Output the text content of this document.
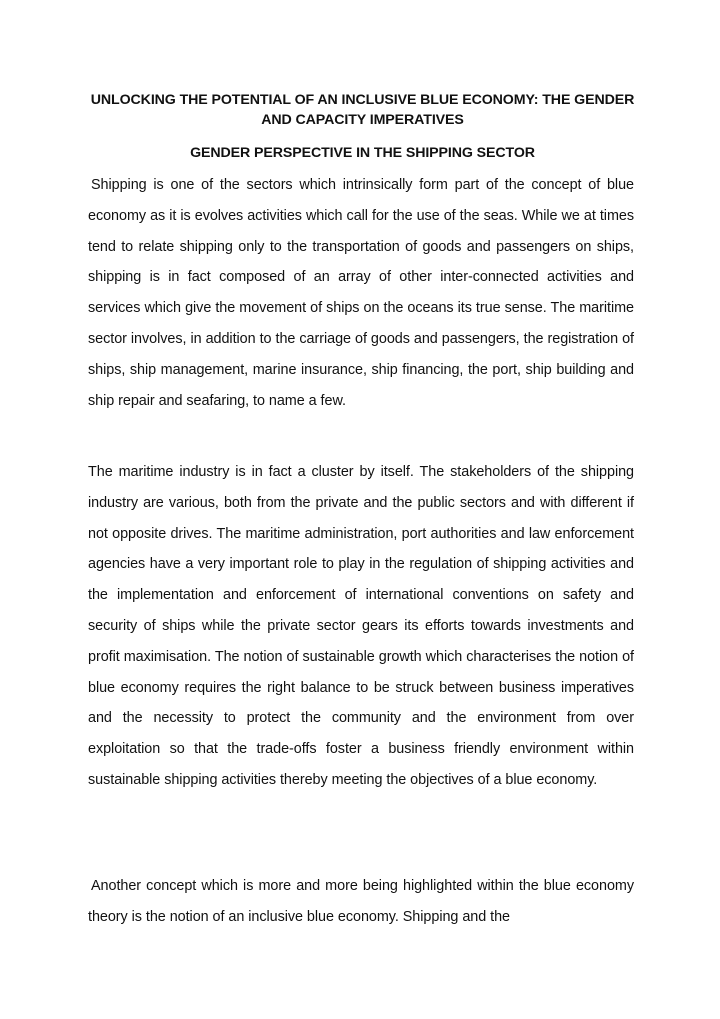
UNLOCKING THE POTENTIAL OF AN INCLUSIVE BLUE ECONOMY: THE GENDER AND CAPACITY IMPERATIVES
GENDER PERSPECTIVE IN THE SHIPPING SECTOR

Shipping is one of the sectors which intrinsically form part of the concept of blue economy as it is evolves activities which call for the use of the seas. While we at times tend to relate shipping only to the transportation of goods and passengers on ships, shipping is in fact composed of an array of other inter-connected activities and services which give the movement of ships on the oceans its true sense. The maritime sector involves, in addition to the carriage of goods and passengers, the registration of ships, ship management, marine insurance, ship financing, the port, ship building and ship repair and seafaring, to name a few.

The maritime industry is in fact a cluster by itself. The stakeholders of the shipping industry are various, both from the private and the public sectors and with different if not opposite drives. The maritime administration, port authorities and law enforcement agencies have a very important role to play in the regulation of shipping activities and the implementation and enforcement of international conventions on safety and security of ships while the private sector gears its efforts towards investments and profit maximisation. The notion of sustainable growth which characterises the notion of blue economy requires the right balance to be struck between business imperatives and the necessity to protect the community and the environment from over exploitation so that the trade-offs foster a business friendly environment within sustainable shipping activities thereby meeting the objectives of a blue economy.

Another concept which is more and more being highlighted within the blue economy theory is the notion of an inclusive blue economy. Shipping and the
